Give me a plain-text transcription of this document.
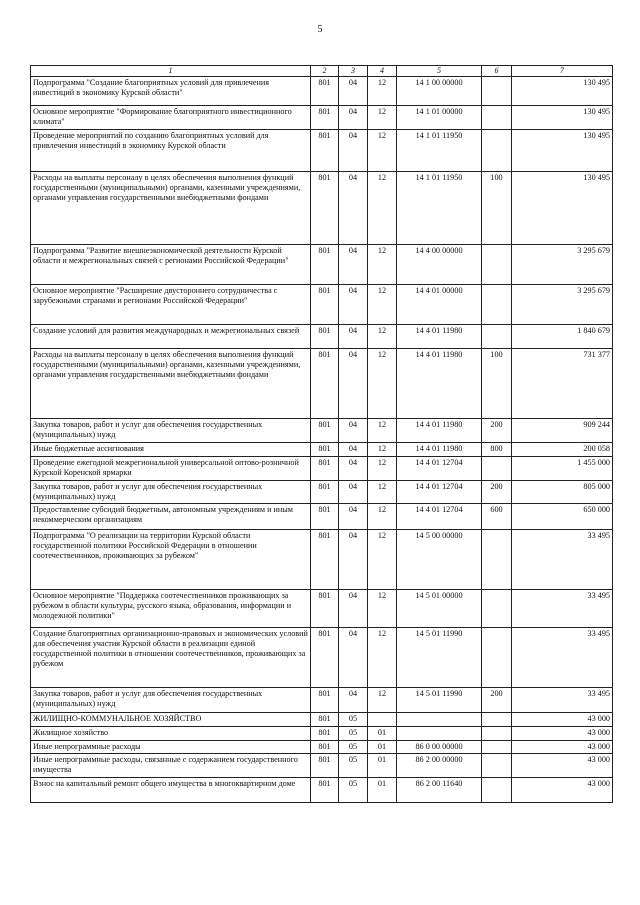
5
1	2	3	4	5	6	7
Подпрограмма "Создание благоприятных условий для привлечения инвестиций в экономику Курской области"	801	04	12	14 1 00 00000		130 495
Основное мероприятие "Формирование благоприятного инвестиционного климата"	801	04	12	14 1 01 00000		130 495
Проведение мероприятий по созданию благоприятных условий для привлечения инвестиций в экономику Курской области	801	04	12	14 1 01 11950		130 495
Расходы на выплаты персоналу в целях обеспечения выполнения функций государственными (муниципальными) органами, казенными учреждениями, органами управления государственными внебюджетными фондами	801	04	12	14 1 01 11950	100	130 495
Подпрограмма "Развитие внешнеэкономической деятельности Курской области и межрегиональных связей с регионами Российской Федерации"	801	04	12	14 4 00 00000		3 295 679
Основное мероприятие "Расширение двустороннего сотрудничества с зарубежными странами и регионами Российской Федерации"	801	04	12	14 4 01 00000		3 295 679
Создание условий для развития международных и межрегиональных связей	801	04	12	14 4 01 11980		1 840 679
Расходы на выплаты персоналу в целях обеспечения выполнения функций государственными (муниципальными) органами, казенными учреждениями, органами управления государственными внебюджетными фондами	801	04	12	14 4 01 11980	100	731 377
Закупка товаров, работ и услуг для обеспечения государственных (муниципальных) нужд	801	04	12	14 4 01 11980	200	909 244
Иные бюджетные ассигнования	801	04	12	14 4 01 11980	800	200 058
Проведение ежегодной межрегиональной универсальной оптово-розничной Курской Коренской ярмарки	801	04	12	14 4 01 12704		1 455 000
Закупка товаров, работ и услуг для обеспечения государственных (муниципальных) нужд	801	04	12	14 4 01 12704	200	805 000
Предоставление субсидий бюджетным, автономным учреждениям и иным некоммерческим организациям	801	04	12	14 4 01 12704	600	650 000
Подпрограмма "О реализации на территории Курской области государственной политики Российской Федерации в отношении соотечественников, проживающих за рубежом"	801	04	12	14 5 00 00000		33 495
Основное мероприятие "Поддержка соотечественников проживающих за рубежом в области культуры, русского языка, образования, информации и молодежной политики"	801	04	12	14 5 01 00000		33 495
Создание благоприятных организационно-правовых и экономических условий для обеспечения участия Курской области в реализации единой государственной политики в отношении соотечественников, проживающих за рубежом	801	04	12	14 5 01 11990		33 495
Закупка товаров, работ и услуг для обеспечения государственных (муниципальных) нужд	801	04	12	14 5 01 11990	200	33 495
ЖИЛИЩНО-КОММУНАЛЬНОЕ ХОЗЯЙСТВО	801	05				43 000
Жилищное хозяйство	801	05	01			43 000
Иные непрограммные расходы	801	05	01	86 0 00 00000		43 000
Иные непрограммные расходы, связанные с содержанием государственного имущества	801	05	01	86 2 00 00000		43 000
Взнос на капитальный ремонт общего имущества в многоквартирном доме	801	05	01	86 2 00 11640		43 000
